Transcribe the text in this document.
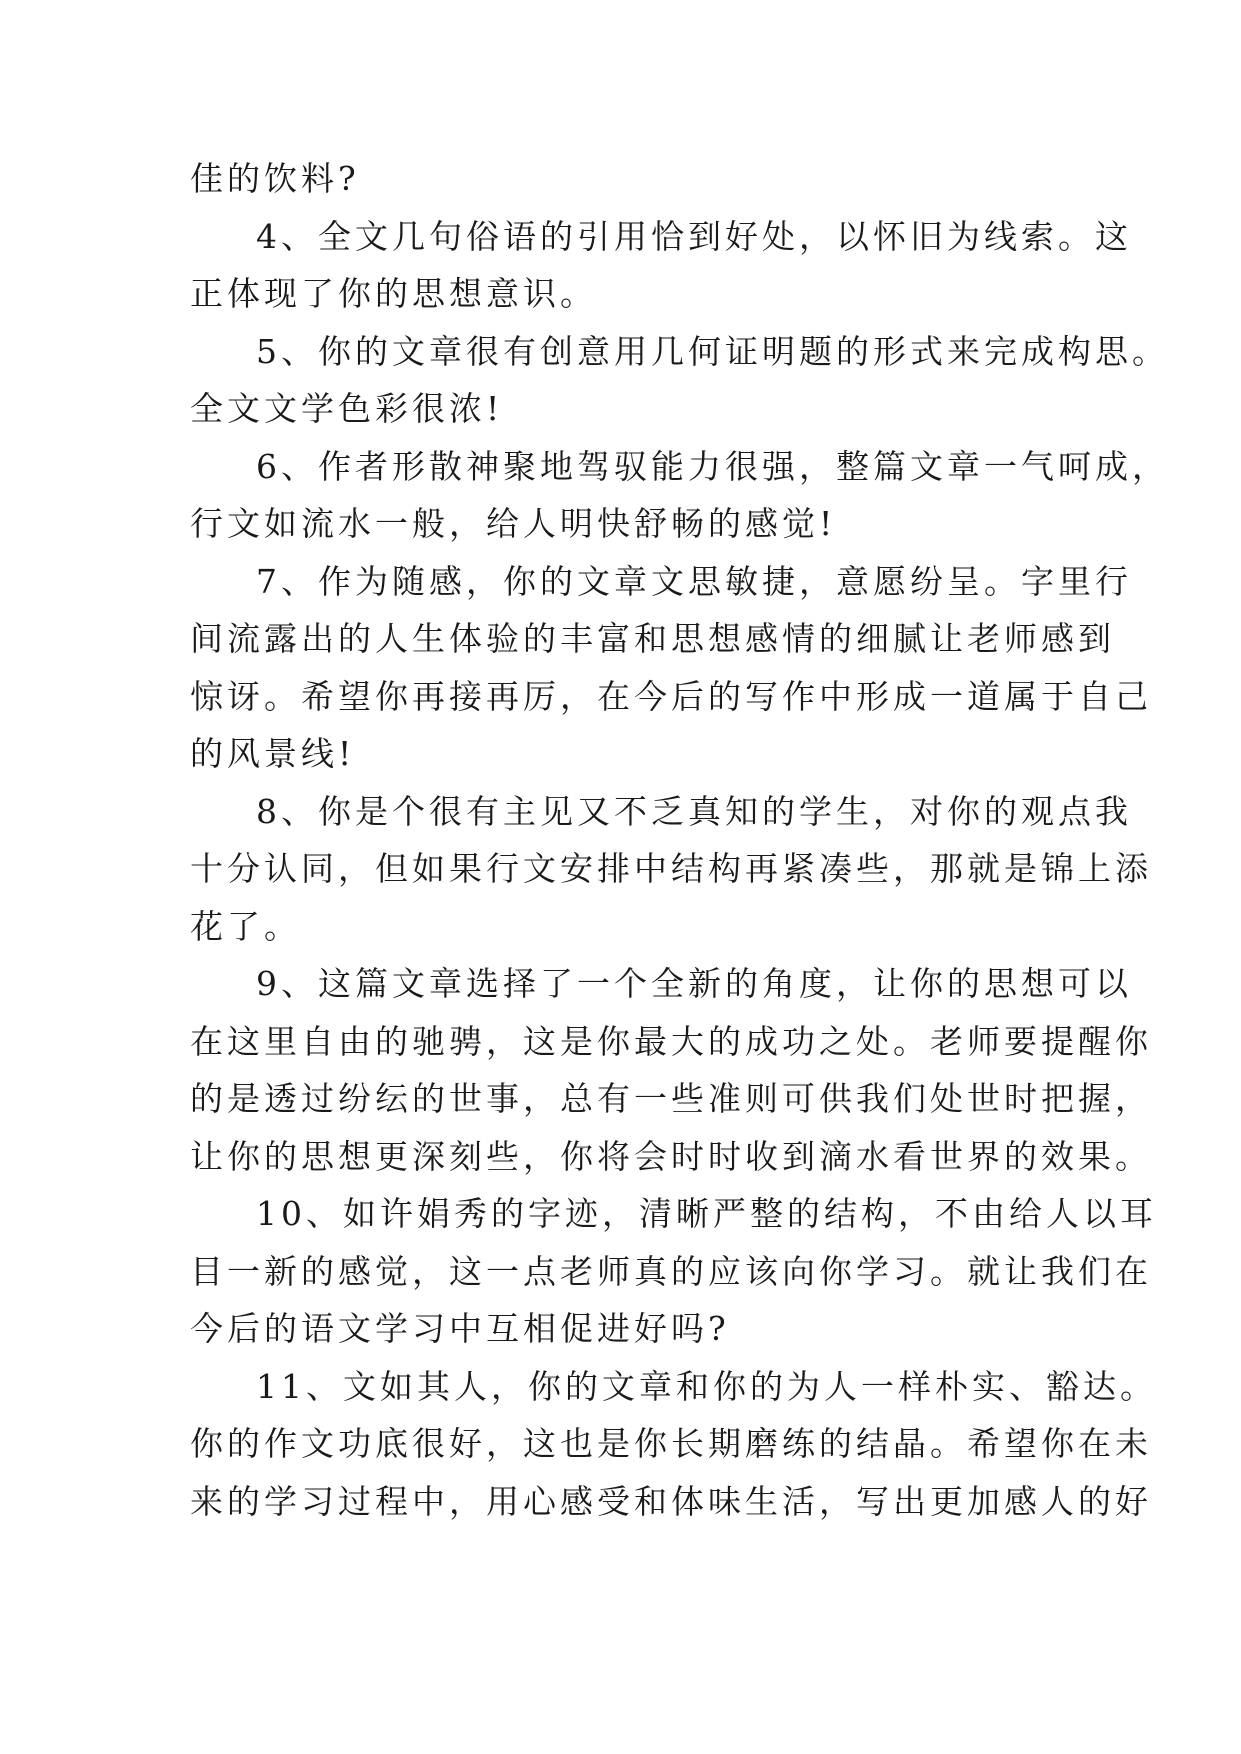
佳的饮料?
4、全文几句俗语的引用恰到好处，以怀旧为线索。这
正体现了你的思想意识。
5、你的文章很有创意用几何证明题的形式来完成构思。
全文文学色彩很浓!
6、作者形散神聚地驾驭能力很强，整篇文章一气呵成，
行文如流水一般，给人明快舒畅的感觉!
7、作为随感，你的文章文思敏捷，意愿纷呈。字里行
间流露出的人生体验的丰富和思想感情的细腻让老师感到
惊讶。希望你再接再厉，在今后的写作中形成一道属于自己
的风景线!
8、你是个很有主见又不乏真知的学生，对你的观点我
十分认同，但如果行文安排中结构再紧凑些，那就是锦上添
花了。
9、这篇文章选择了一个全新的角度，让你的思想可以
在这里自由的驰骋，这是你最大的成功之处。老师要提醒你
的是透过纷纭的世事，总有一些准则可供我们处世时把握，
让你的思想更深刻些，你将会时时收到滴水看世界的效果。
10、如许娟秀的字迹，清晰严整的结构，不由给人以耳
目一新的感觉，这一点老师真的应该向你学习。就让我们在
今后的语文学习中互相促进好吗?
11、文如其人，你的文章和你的为人一样朴实、豁达。
你的作文功底很好，这也是你长期磨练的结晶。希望你在未
来的学习过程中，用心感受和体味生活，写出更加感人的好
